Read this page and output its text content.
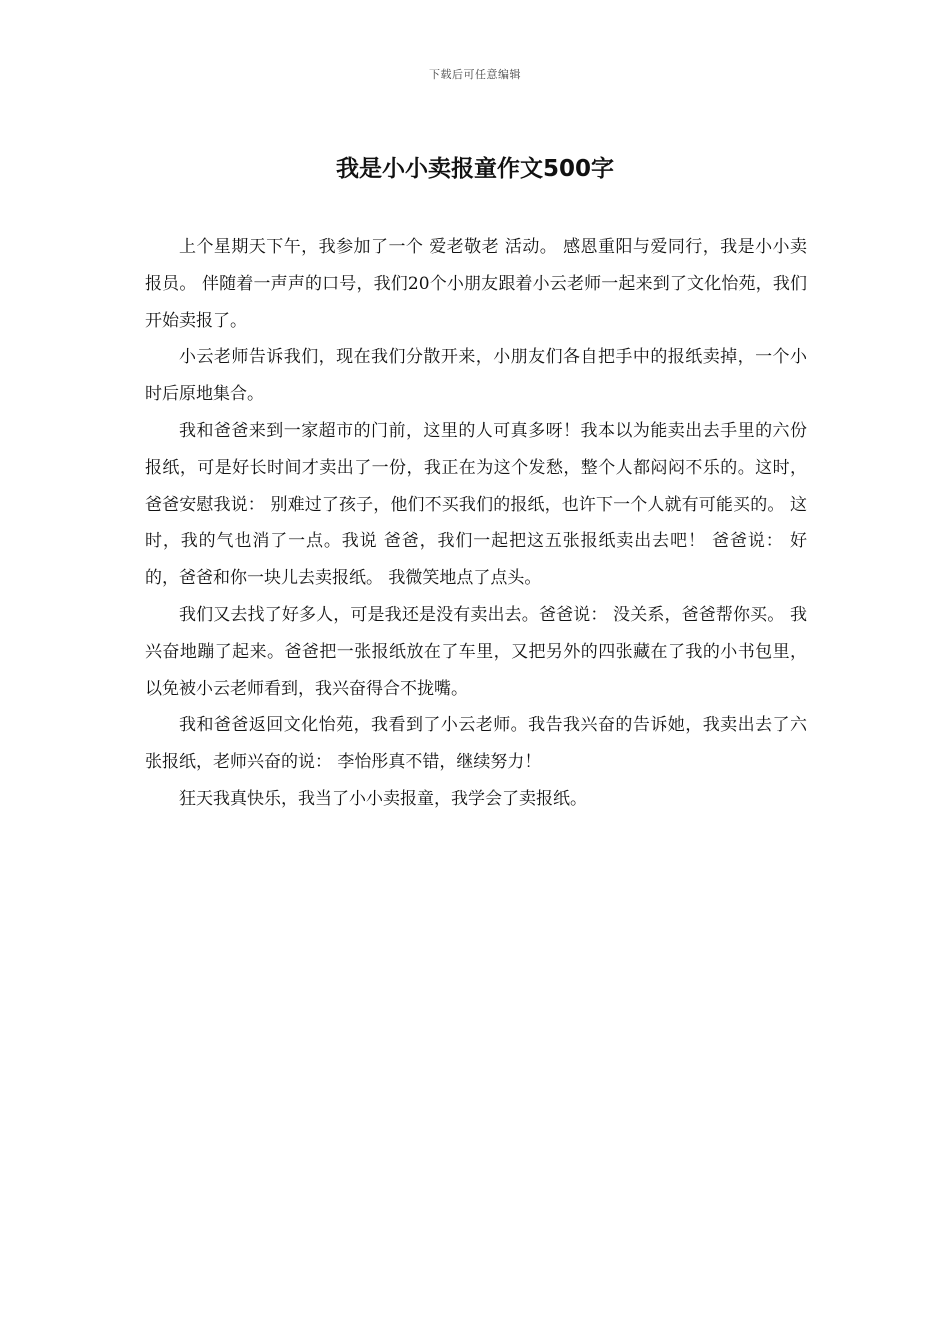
下载后可任意编辑
我是小小卖报童作文500字

上个星期天下午，我参加了一个 爱老敬老 活动。 感恩重阳与爱同行，我是小小卖报员。 伴随着一声声的口号，我们20个小朋友跟着小云老师一起来到了文化怡苑，我们开始卖报了。

小云老师告诉我们，现在我们分散开来，小朋友们各自把手中的报纸卖掉，一个小时后原地集合。

我和爸爸来到一家超市的门前，这里的人可真多呀！我本以为能卖出去手里的六份报纸，可是好长时间才卖出了一份，我正在为这个发愁，整个人都闷闷不乐的。这时，爸爸安慰我说： 别难过了孩子，他们不买我们的报纸，也许下一个人就有可能买的。 这时，我的气也消了一点。我说 爸爸，我们一起把这五张报纸卖出去吧！ 爸爸说： 好的，爸爸和你一块儿去卖报纸。 我微笑地点了点头。

我们又去找了好多人，可是我还是没有卖出去。爸爸说： 没关系，爸爸帮你买。 我兴奋地蹦了起来。爸爸把一张报纸放在了车里，又把另外的四张藏在了我的小书包里，以免被小云老师看到，我兴奋得合不拢嘴。

我和爸爸返回文化怡苑，我看到了小云老师。我告我兴奋的告诉她，我卖出去了六张报纸，老师兴奋的说： 李怡彤真不错，继续努力！

狂天我真快乐，我当了小小卖报童，我学会了卖报纸。
